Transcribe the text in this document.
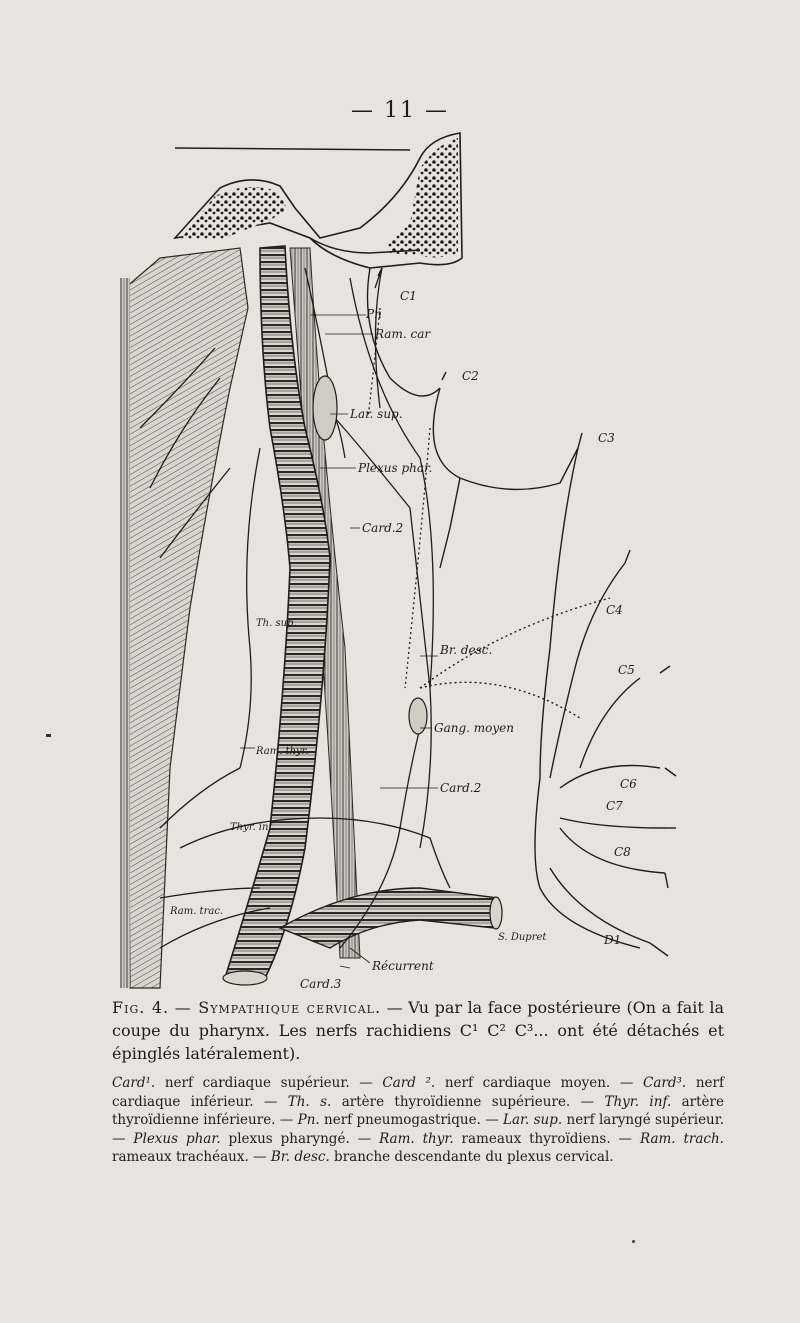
— 11 —
C1
C2
C3
C4
C5
C6
C7
C8
D1
Pn
Ram. car
Lar. sup.
Plexus phar.
Card.2
Th. sup.
Br. desc.
Gang. moyen
Ram. thyr.
Card.2
Thyr. inf.
Ram. trac.
Récurrent
Card.3
S. Dupret
Fig. 4. — Sympathique cervical. — Vu par la face postérieure (On a fait la coupe du pharynx. Les nerfs rachidiens C¹ C² C³... ont été détachés et épinglés latéralement).
Card¹. nerf cardiaque supérieur. — Card ². nerf cardiaque moyen. — Card³. nerf cardiaque inférieur. — Th. s. artère thyroïdienne supérieure. — Thyr. inf. artère thyroïdienne inférieure. — Pn. nerf pneumogastrique. — Lar. sup. nerf laryngé supérieur. — Plexus phar. plexus pharyngé. — Ram. thyr. rameaux thyroïdiens. — Ram. trach. rameaux trachéaux. — Br. desc. branche descendante du plexus cervical.
